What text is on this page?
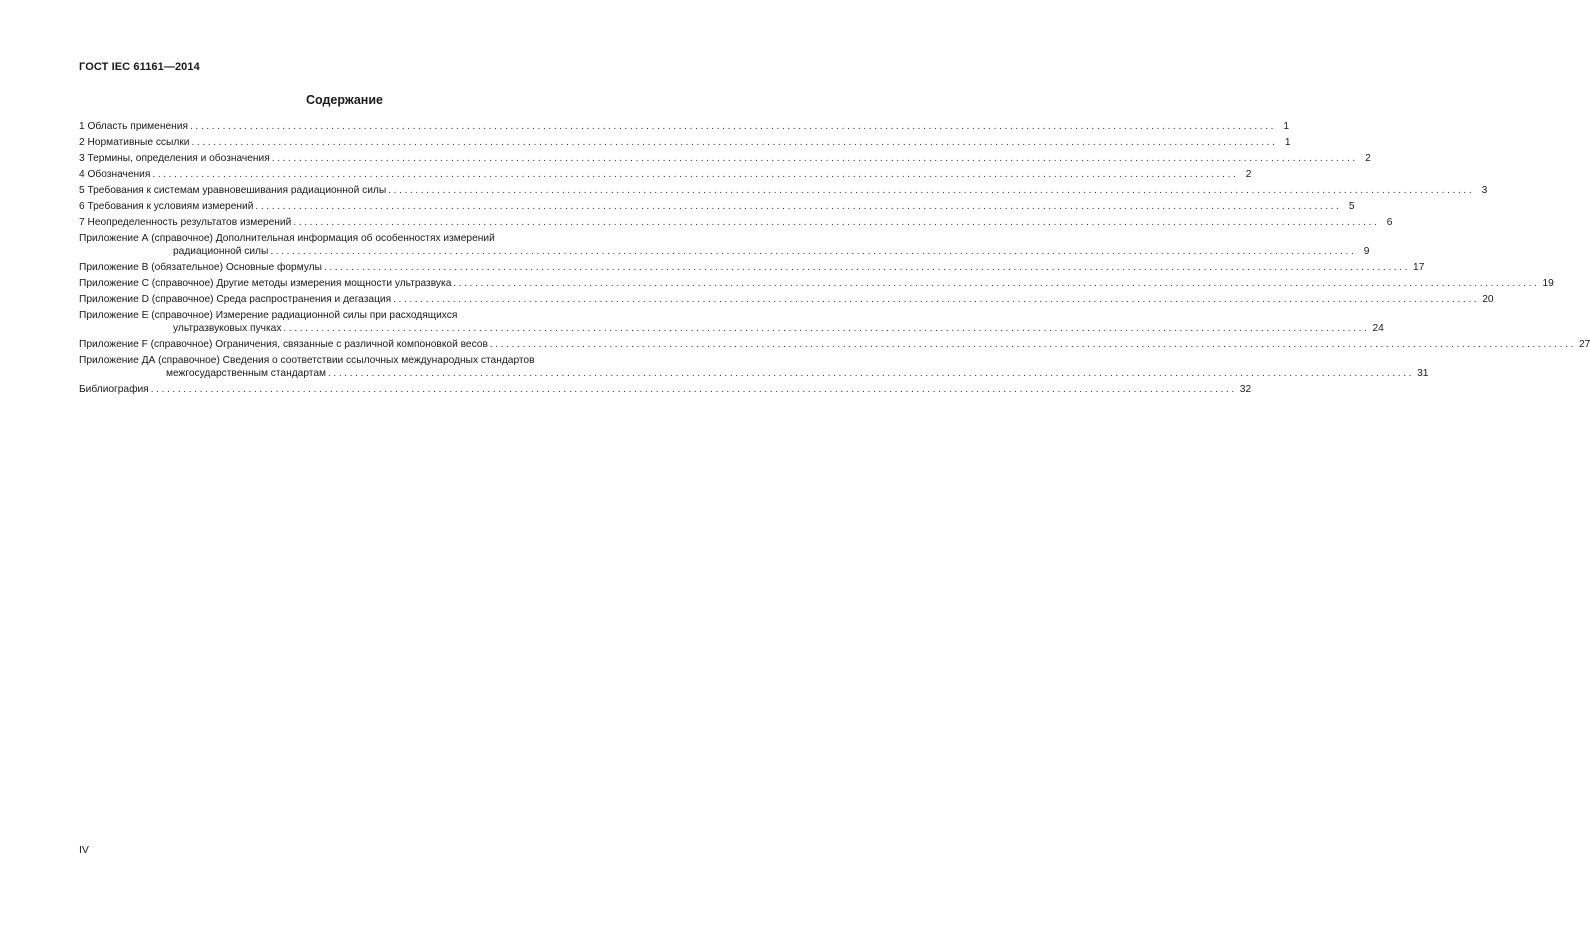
ГОСТ IEC 61161—2014
Содержание
1 Область применения ........................................................................................................................................................................................................ 1
2 Нормативные ссылки ........................................................................................................................................................................................................ 1
3 Термины, определения и обозначения ........................................................................................................................................................................................................ 2
4 Обозначения ........................................................................................................................................................................................................ 2
5 Требования к системам уравновешивания радиационной силы ........................................................................................................................................................................................................ 3
6 Требования к условиям измерений ........................................................................................................................................................................................................ 5
7 Неопределенность результатов измерений ........................................................................................................................................................................................................ 6
Приложение А (справочное) Дополнительная информация об особенностях измерений
радиационной силы ........................................................................................................................................................................................................ 9
Приложение В (обязательное) Основные формулы ........................................................................................................................................................................................................ 17
Приложение С (справочное) Другие методы измерения мощности ультразвука ........................................................................................................................................................................................................ 19
Приложение D (справочное) Среда распространения и дегазация ........................................................................................................................................................................................................ 20
Приложение Е (справочное) Измерение радиационной силы при расходящихся
ультразвуковых пучках ........................................................................................................................................................................................................ 24
Приложение F (справочное) Ограничения, связанные с различной компоновкой весов ........................................................................................................................................................................................................ 27
Приложение ДА (справочное) Сведения о соответствии ссылочных международных стандартов
межгосударственным стандартам ........................................................................................................................................................................................................ 31
Библиография ........................................................................................................................................................................................................ 32
IV
